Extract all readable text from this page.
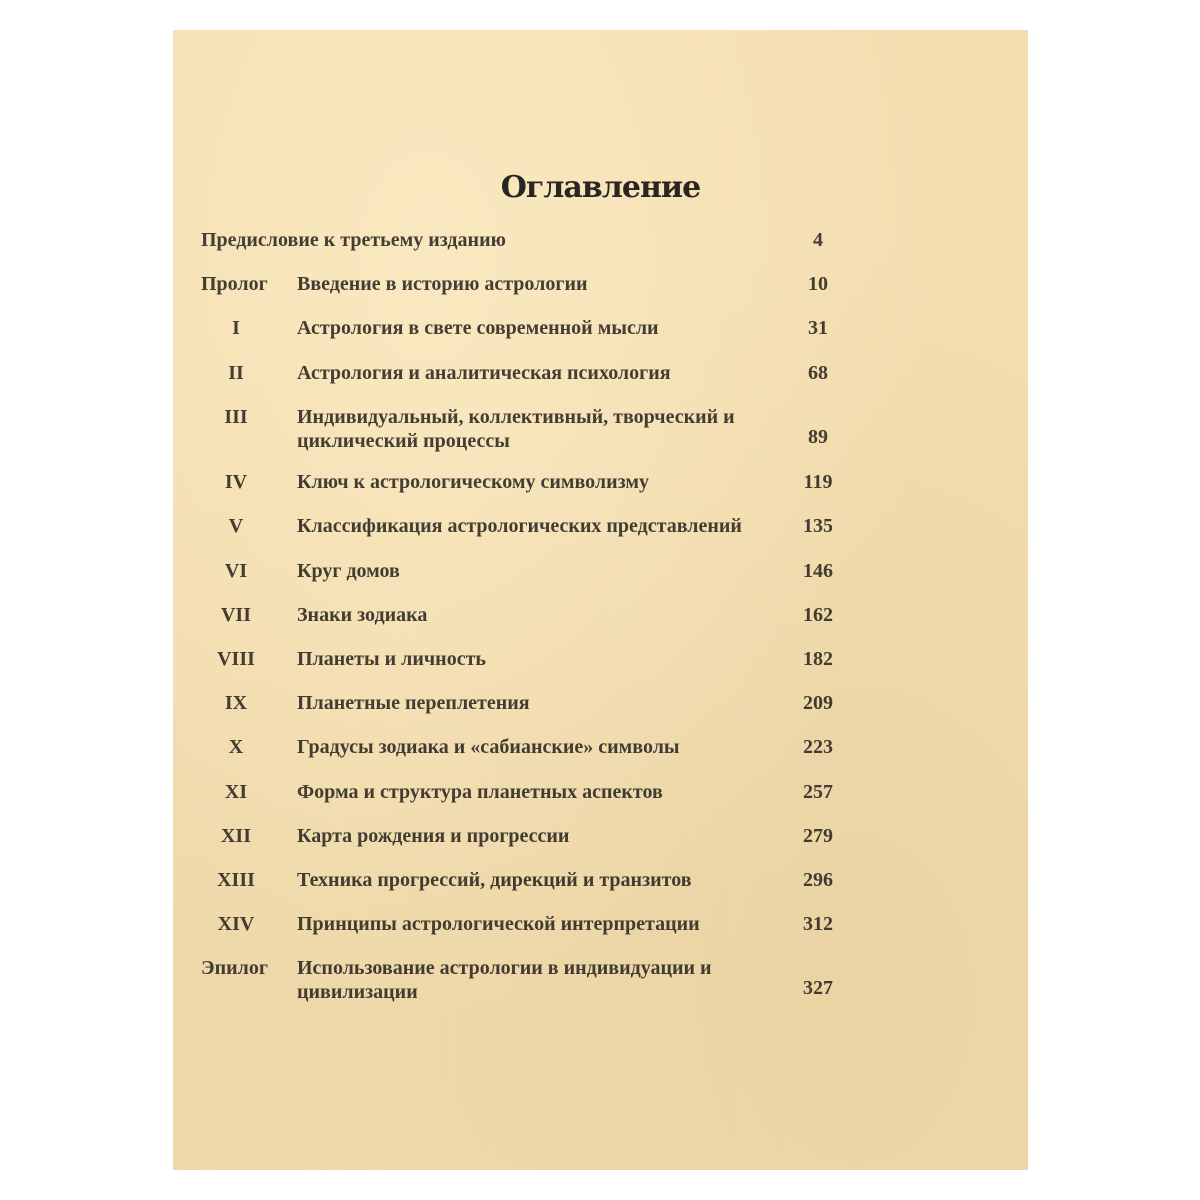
Оглавление
Предисловие к третьему изданию	4
Пролог Введение в историю астрологии	10
I	Астрология в свете современной мысли	31
II	Астрология и аналитическая психология	68
III	Индивидуальный, коллективный, творческий и
циклический процессы	89
IV	Ключ к астрологическому символизму	119
V	Классификация астрологических представлений	135
VI	Круг домов	146
VII	Знаки зодиака	162
VIII	Планеты и личность	182
IX	Планетные переплетения	209
X	Градусы зодиака и «сабианские» символы	223
XI	Форма и структура планетных аспектов	257
XII	Карта рождения и прогрессии	279
XIII	Техника прогрессий, дирекций и транзитов	296
XIV	Принципы астрологической интерпретации	312
Эпилог Использование астрологии в индивидуации и
цивилизации	327
